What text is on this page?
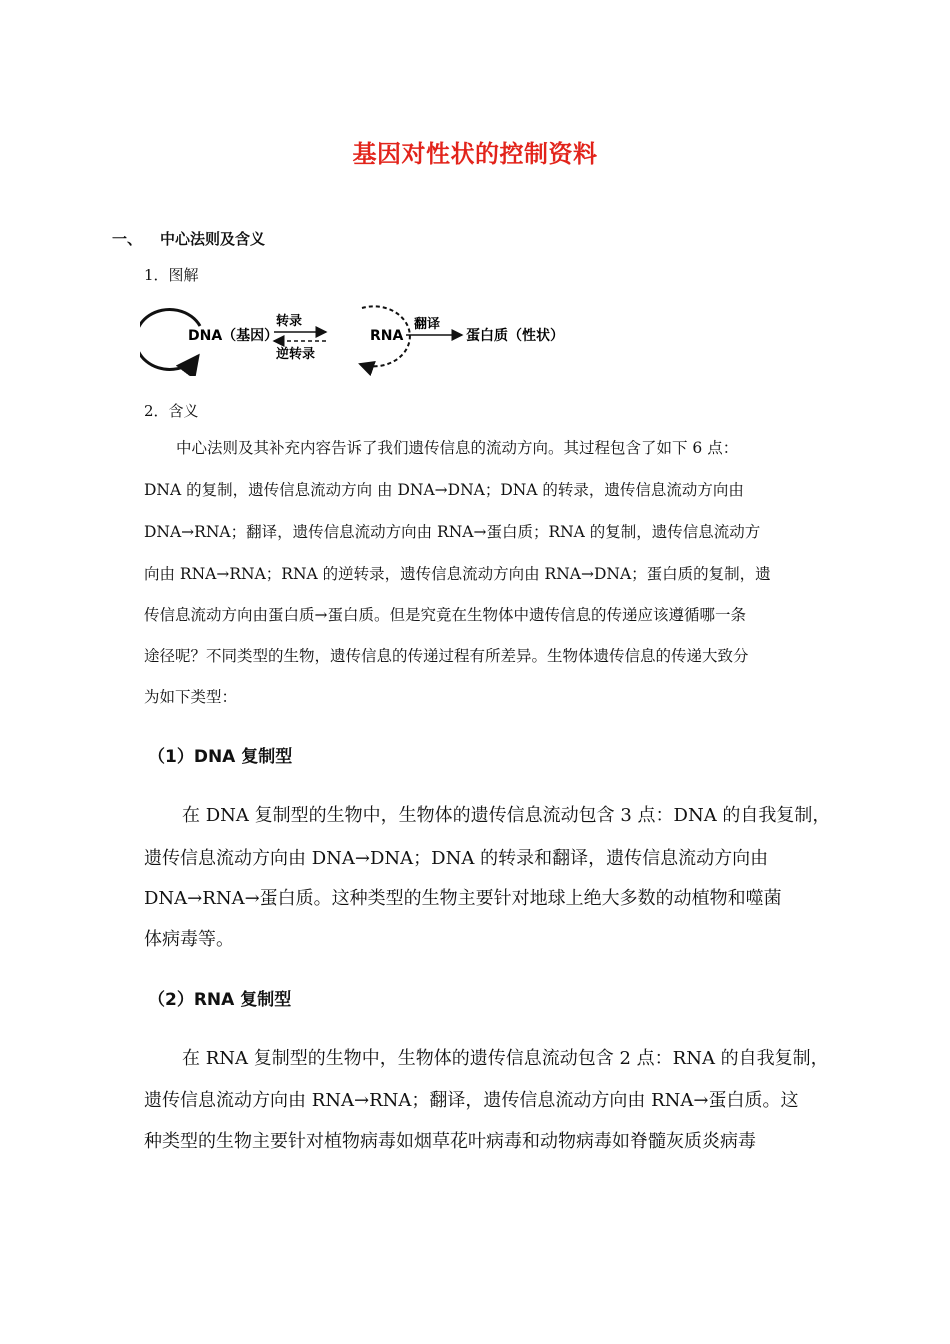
基因对性状的控制资料
一、 中心法则及含义
1．图解
DNA（基因）
转录
逆转录
RNA
翻译
蛋白质（性状）
2．含义
中心法则及其补充内容告诉了我们遗传信息的流动方向。其过程包含了如下 6 点：
DNA 的复制，遗传信息流动方向 由 DNA→DNA；DNA 的转录，遗传信息流动方向由
DNA→RNA；翻译，遗传信息流动方向由 RNA→蛋白质；RNA 的复制，遗传信息流动方
向由 RNA→RNA；RNA 的逆转录，遗传信息流动方向由 RNA→DNA；蛋白质的复制，遗
传信息流动方向由蛋白质→蛋白质。但是究竟在生物体中遗传信息的传递应该遵循哪一条
途径呢？不同类型的生物，遗传信息的传递过程有所差异。生物体遗传信息的传递大致分
为如下类型：
（1）DNA 复制型
在 DNA 复制型的生物中，生物体的遗传信息流动包含 3 点：DNA 的自我复制，
遗传信息流动方向由 DNA→DNA；DNA 的转录和翻译，遗传信息流动方向由
DNA→RNA→蛋白质。这种类型的生物主要针对地球上绝大多数的动植物和噬菌
体病毒等。
（2）RNA 复制型
在 RNA 复制型的生物中，生物体的遗传信息流动包含 2 点：RNA 的自我复制，
遗传信息流动方向由 RNA→RNA；翻译，遗传信息流动方向由 RNA→蛋白质。这
种类型的生物主要针对植物病毒如烟草花叶病毒和动物病毒如脊髓灰质炎病毒
